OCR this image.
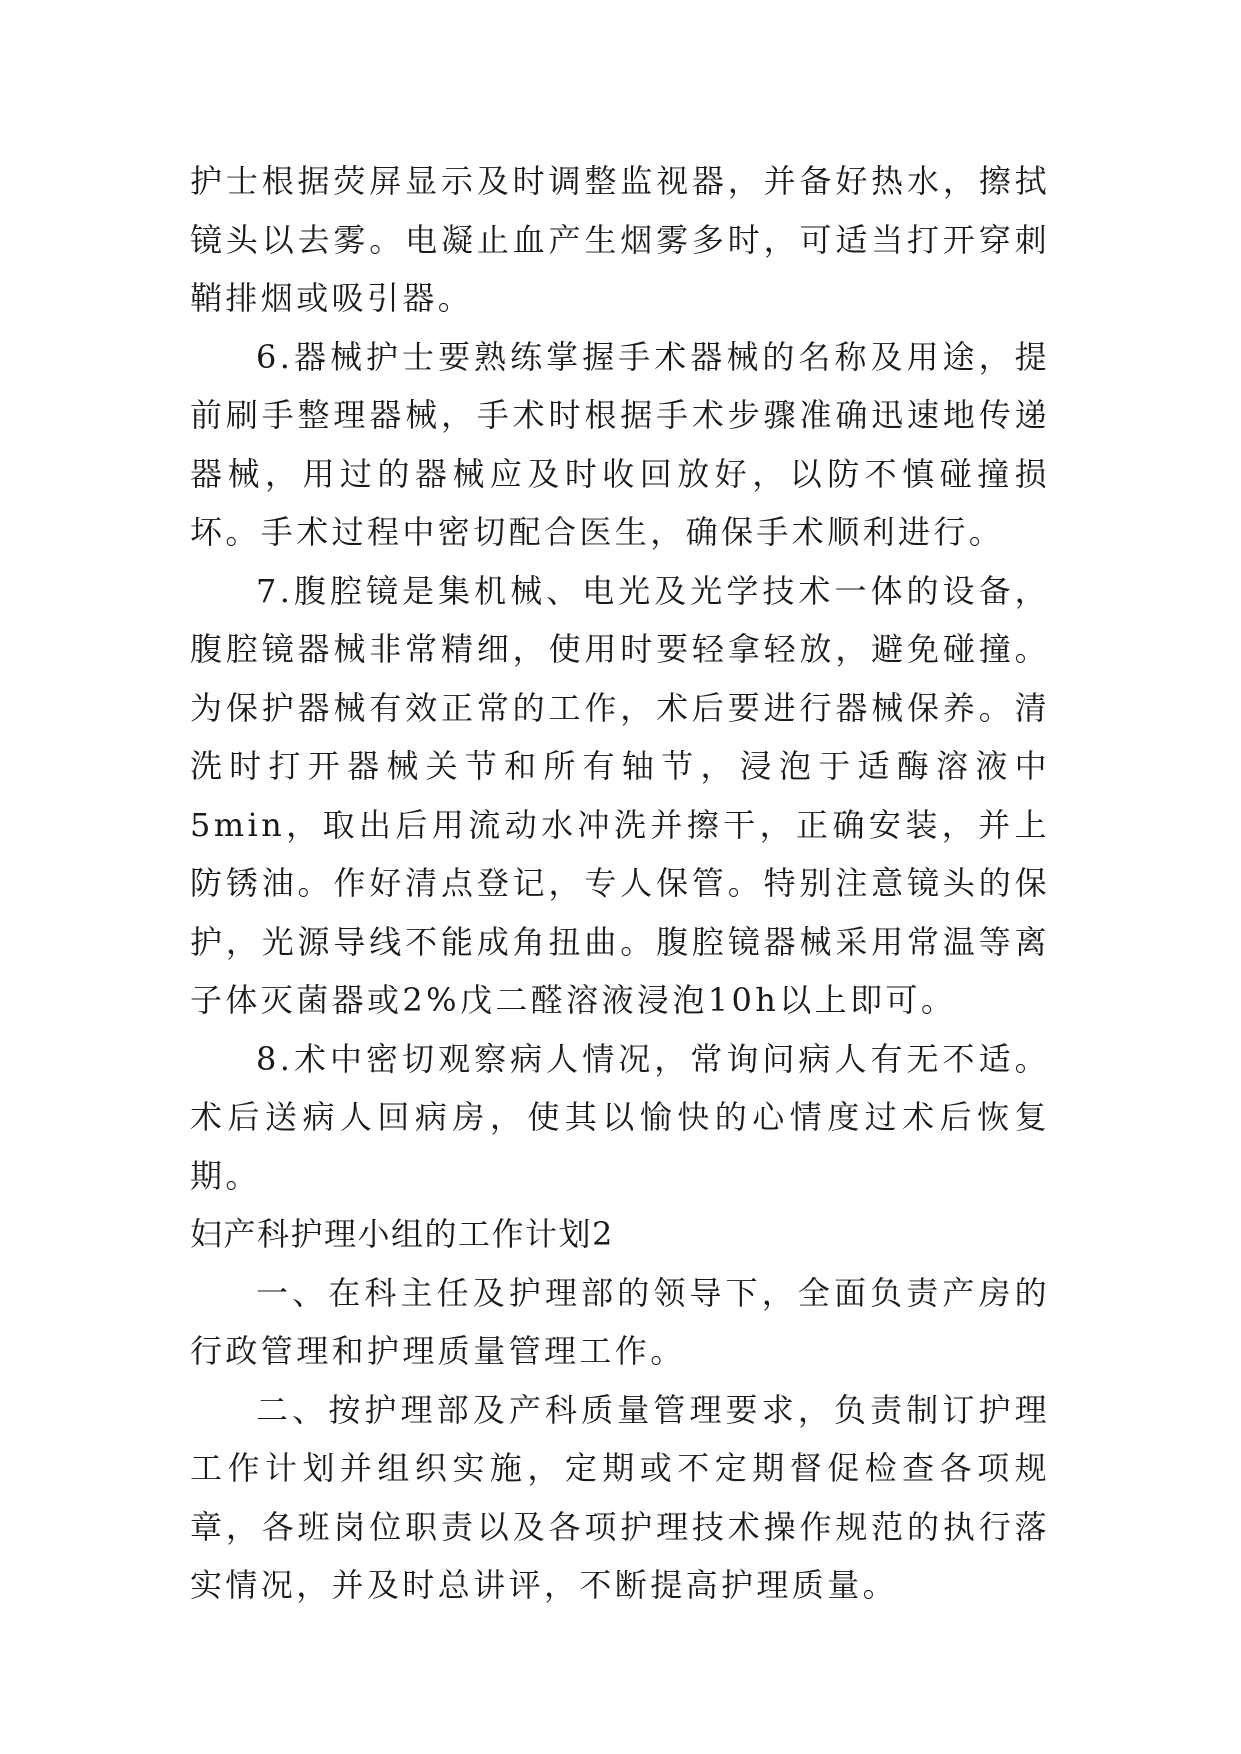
护士根据荧屏显示及时调整监视器，并备好热水，擦拭镜头以去雾。电凝止血产生烟雾多时，可适当打开穿刺鞘排烟或吸引器。

6.器械护士要熟练掌握手术器械的名称及用途，提前刷手整理器械，手术时根据手术步骤准确迅速地传递器械，用过的器械应及时收回放好，以防不慎碰撞损坏。手术过程中密切配合医生，确保手术顺利进行。

7.腹腔镜是集机械、电光及光学技术一体的设备，腹腔镜器械非常精细，使用时要轻拿轻放，避免碰撞。为保护器械有效正常的工作，术后要进行器械保养。清洗时打开器械关节和所有轴节，浸泡于适酶溶液中5min，取出后用流动水冲洗并擦干，正确安装，并上防锈油。作好清点登记，专人保管。特别注意镜头的保护，光源导线不能成角扭曲。腹腔镜器械采用常温等离子体灭菌器或2%戊二醛溶液浸泡10h以上即可。

8.术中密切观察病人情况，常询问病人有无不适。术后送病人回病房，使其以愉快的心情度过术后恢复期。

妇产科护理小组的工作计划2

一、在科主任及护理部的领导下，全面负责产房的行政管理和护理质量管理工作。

二、按护理部及产科质量管理要求，负责制订护理工作计划并组织实施，定期或不定期督促检查各项规章，各班岗位职责以及各项护理技术操作规范的执行落实情况，并及时总讲评，不断提高护理质量。
